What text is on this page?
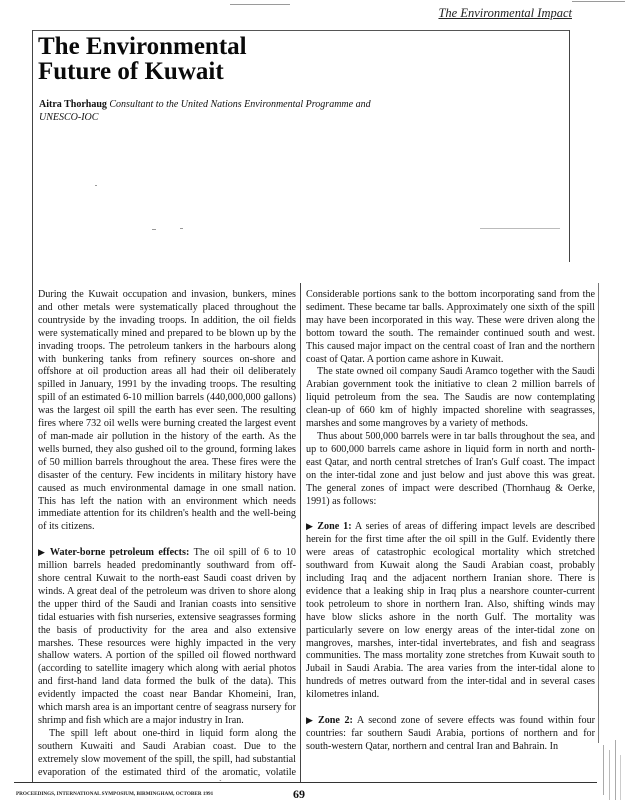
The Environmental Impact
The Environmental
Future of Kuwait
Aitra Thorhaug Consultant to the United Nations Environmental Programme and UNESCO-IOC

During the Kuwait occupation and invasion, bunkers, mines and other metals were systematically placed throughout the countryside by the invading troops. In addition, the oil fields were systematically mined and prepared to be blown up by the invading troops. The petroleum tankers in the harbours along with bunkering tanks from refinery sources on-shore and offshore at oil production areas all had their oil deliberately spilled in January, 1991 by the invading troops. The resulting spill of an estimated 6-10 million barrels (440,000,000 gallons) was the largest oil spill the earth has ever seen. The resulting fires where 732 oil wells were burning created the largest event of man-made air pollution in the history of the earth. As the wells burned, they also gushed oil to the ground, forming lakes of 50 million barrels throughout the area. These fires were the disaster of the century. Few incidents in military history have caused as much environmental damage in one small nation. This has left the nation with an environment which needs immediate attention for its children's health and the well-being of its citizens.

▶ Water-borne petroleum effects: The oil spill of 6 to 10 million barrels headed predominantly southward from off-shore central Kuwait to the north-east Saudi coast driven by winds. A great deal of the petroleum was driven to shore along the upper third of the Saudi and Iranian coasts into sensitive tidal estuaries with fish nurseries, extensive seagrasses forming the basis of productivity for the area and also extensive marshes. These resources were highly impacted in the very shallow waters. A portion of the spilled oil flowed northward (according to satellite imagery which along with aerial photos and first-hand land data formed the bulk of the data). This evidently impacted the coast near Bandar Khomeini, Iran, which marsh area is an important centre of seagrass nursery for shrimp and fish which are a major industry in Iran.

The spill left about one-third in liquid form along the southern Kuwaiti and Saudi Arabian coast. Due to the extremely slow movement of the spill, the spill, had substantial evaporation of the estimated third of the aromatic, volatile

Considerable portions sank to the bottom incorporating sand from the sediment. These became tar balls. Approximately one sixth of the spill may have been incorporated in this way. These were driven along the bottom toward the south. The remainder continued south and west. This caused major impact on the central coast of Iran and the northern coast of Qatar. A portion came ashore in Kuwait.

The state owned oil company Saudi Aramco together with the Saudi Arabian government took the initiative to clean 2 million barrels of liquid petroleum from the sea. The Saudis are now contemplating clean-up of 660 km of highly impacted shoreline with seagrasses, marshes and some mangroves by a variety of methods.

Thus about 500,000 barrels were in tar balls throughout the sea, and up to 600,000 barrels came ashore in liquid form in north and north-east Qatar, and north central stretches of Iran's Gulf coast. The impact on the inter-tidal zone and just below and just above this was great. The general zones of impact were described (Thornhaug & Oerke, 1991) as follows:

▶ Zone 1: A series of areas of differing impact levels are described herein for the first time after the oil spill in the Gulf. Evidently there were areas of catastrophic ecological mortality which stretched southward from Kuwait along the Saudi Arabian coast, probably including Iraq and the adjacent northern Iranian shore. There is evidence that a leaking ship in Iraq plus a nearshore counter-current took petroleum to shore in northern Iran. Also, shifting winds may have blow slicks ashore in the north Gulf. The mortality was particularly severe on low energy areas of the inter-tidal zone on mangroves, marshes, inter-tidal invertebrates, and fish and seagrass communities. The mass mortality zone stretches from Kuwait south to Jubail in Saudi Arabia. The area varies from the inter-tidal alone to hundreds of metres outward from the inter-tidal and in several cases kilometres inland.

▶ Zone 2: A second zone of severe effects was found within four countries: far southern Saudi Arabia, portions of northern and for south-western Qatar, northern and central Iran and Bahrain. In

PROCEEDINGS, INTERNATIONAL SYMPOSIUM, BIRMINGHAM, OCTOBER 1991	69
